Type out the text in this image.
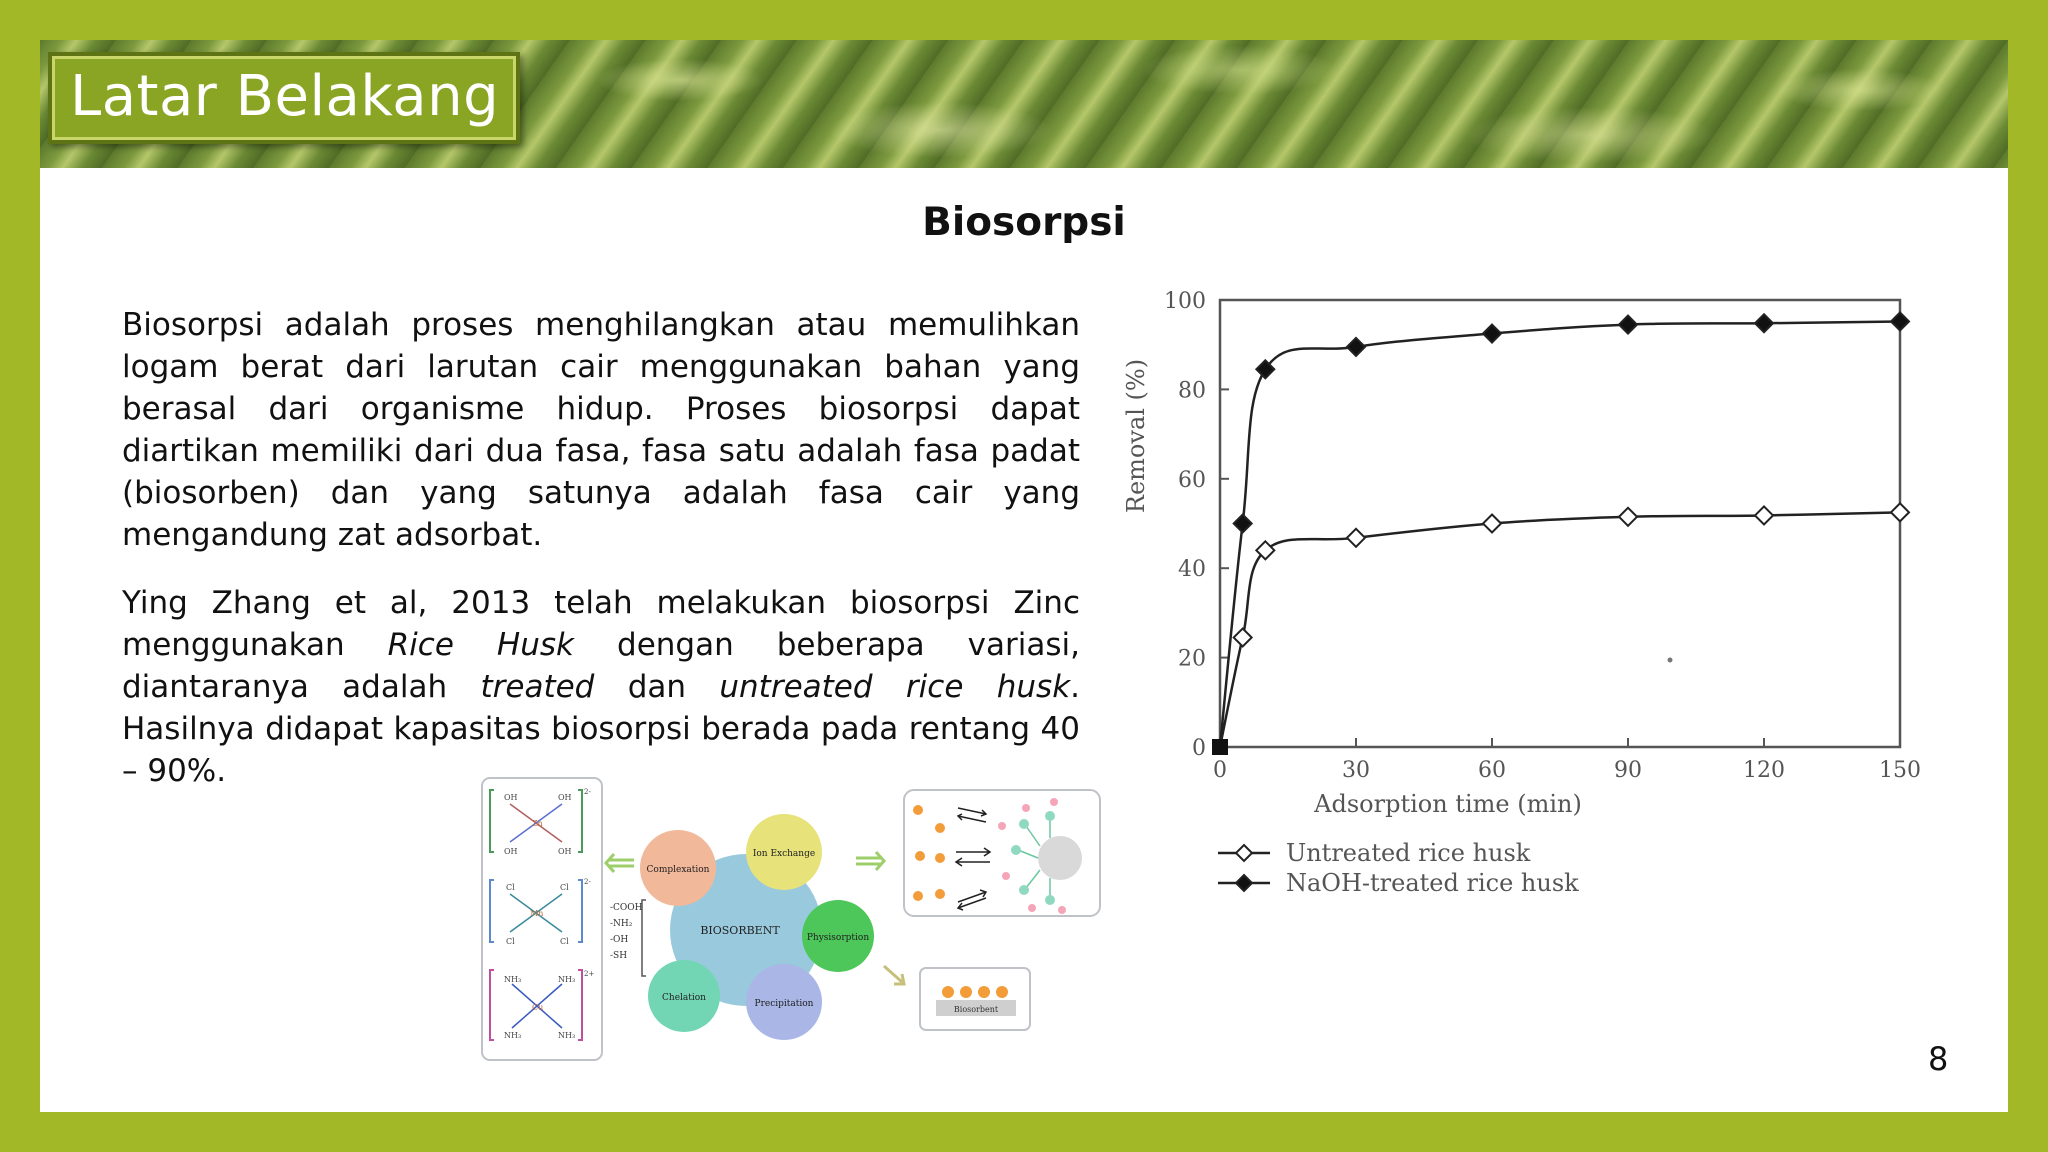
Latar Belakang
Biosorpsi

Biosorpsi adalah proses menghilangkan atau memulihkan logam berat dari larutan cair menggunakan bahan yang berasal dari organisme hidup. Proses biosorpsi dapat diartikan memiliki dari dua fasa, fasa satu adalah fasa padat (biosorben) dan yang satunya adalah fasa cair yang mengandung zat adsorbat.

Ying Zhang et al, 2013 telah melakukan biosorpsi Zinc menggunakan Rice Husk dengan beberapa variasi, diantaranya adalah treated dan untreated rice husk. Hasilnya didapat kapasitas biosorpsi berada pada rentang 40 – 90%.

OH	OH
Zn
OH	OH
2-
Cl	Cl
Mn
Cl	Cl
2-
NH₃	NH₃
Cu
NH₃	NH₃
2+
-COOH
-NH₂
-OH
-SH
BIOSORBENT
Complexation
Ion Exchange
Physisorption
Precipitation
Chelation
Biosorbent
0
20
40
60
80
100
0	30	60	90	120	150
Removal (%)
Adsorption time (min)
Untreated rice husk
NaOH-treated rice husk
8
